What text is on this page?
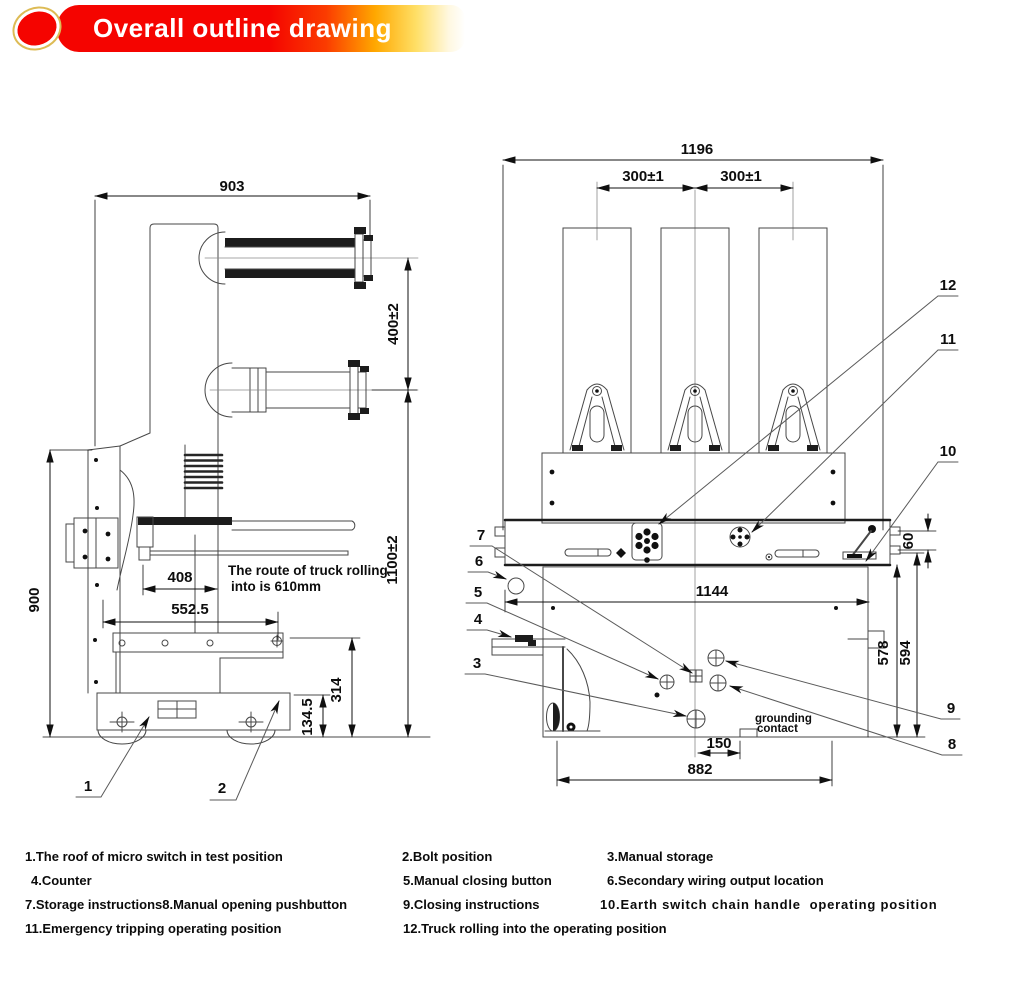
Overall outline drawing
903
400±2
1100±2
900
408
552.5
314
134.5
The route of truck rolling
into is 610mm
1	2
grounding
contact
1196
300±1	300±1
60
578 594
1144
150
882
12
11
10
9
8
7
6
5
4
3
1.The roof of micro switch in test position	2.Bolt position	3.Manual storage
4.Counter	5.Manual closing button	6.Secondary wiring output location
7.Storage instructions8.Manual opening pushbutton	9.Closing instructions	10.Earth switch chain handle  operating position
11.Emergency tripping operating position	12.Truck rolling into the operating position
